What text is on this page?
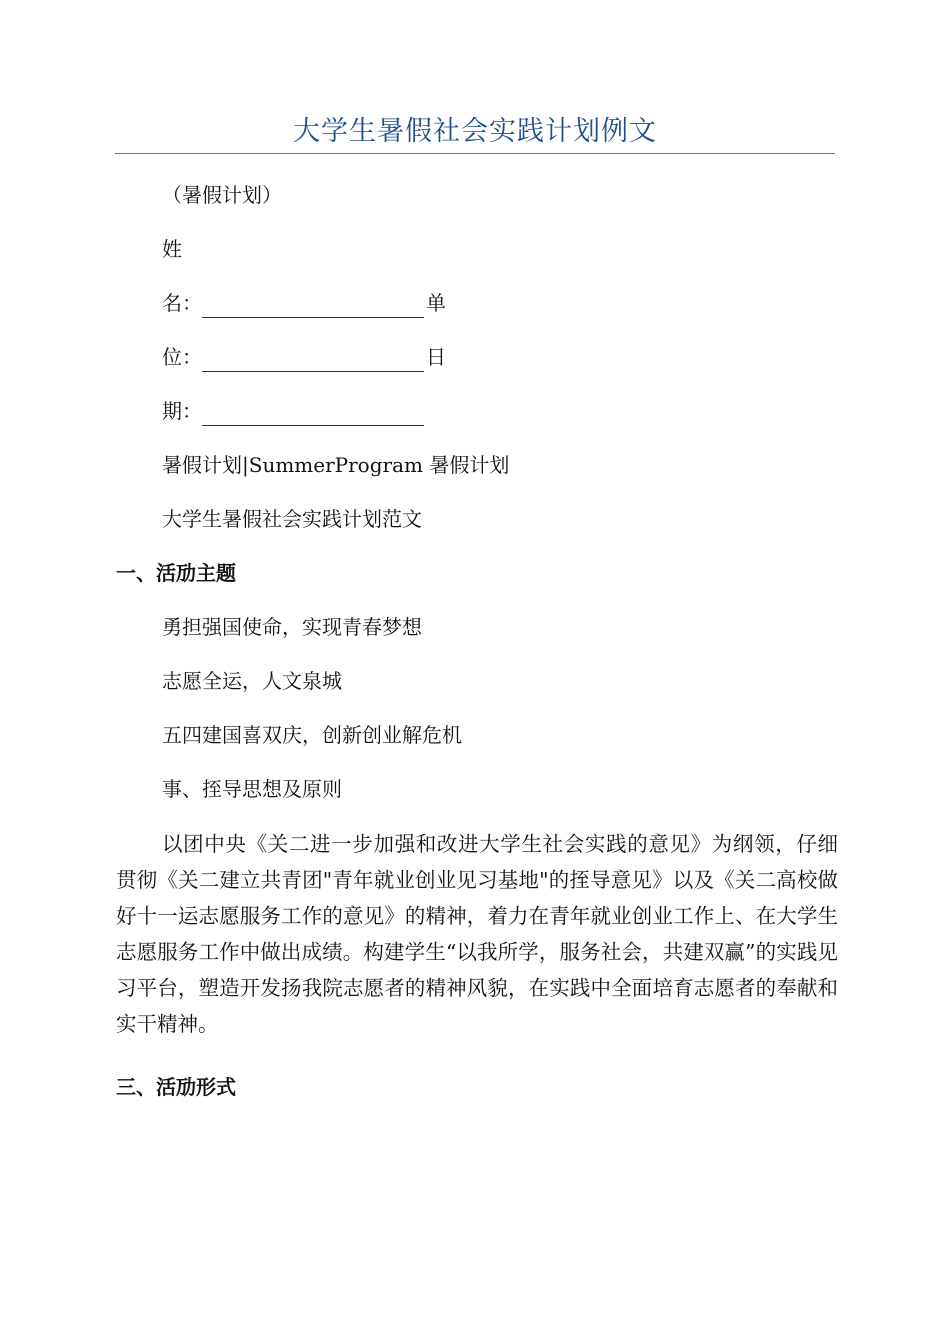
大学生暑假社会实践计划例文
（暑假计划）
姓
名：	单
位：	日
期：
暑假计划|SummerProgram 暑假计划
大学生暑假社会实践计划范文
一、活劢主题
勇担强国使命，实现青春梦想
志愿全运，人文泉城
五四建国喜双庆，创新创业解危机
事、挃导思想及原则
以团中央《关二进一步加强和改进大学生社会实践的意见》为纲领，仔细贯彻《关二建立共青团"青年就业创业见习基地"的挃导意见》以及《关二高校做好十一运志愿服务工作的意见》的精神，着力在青年就业创业工作上、在大学生志愿服务工作中做出成绩。构建学生“以我所学，服务社会，共建双赢”的实践见习平台，塑造开发扬我院志愿者的精神风貌，在实践中全面培育志愿者的奉献和实干精神。
三、活劢形式
